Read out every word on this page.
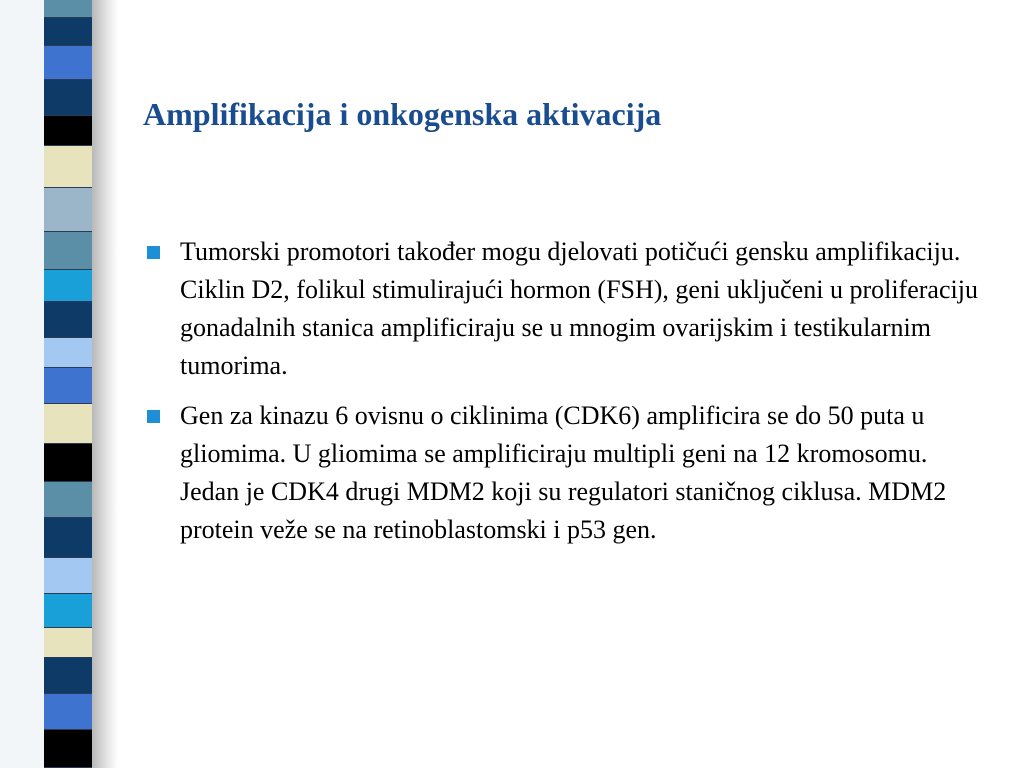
Amplifikacija i onkogenska aktivacija
Tumorski promotori također mogu djelovati potičući gensku amplifikaciju. Ciklin D2, folikul stimulirajući hormon (FSH), geni uključeni u proliferaciju gonadalnih stanica amplificiraju se u mnogim ovarijskim i testikularnim tumorima.
Gen za kinazu 6 ovisnu o ciklinima (CDK6) amplificira se do 50 puta u gliomima. U gliomima se amplificiraju multipli geni na 12 kromosomu. Jedan je CDK4 drugi MDM2 koji su regulatori staničnog ciklusa. MDM2 protein veže se na retinoblastomski i p53 gen.
